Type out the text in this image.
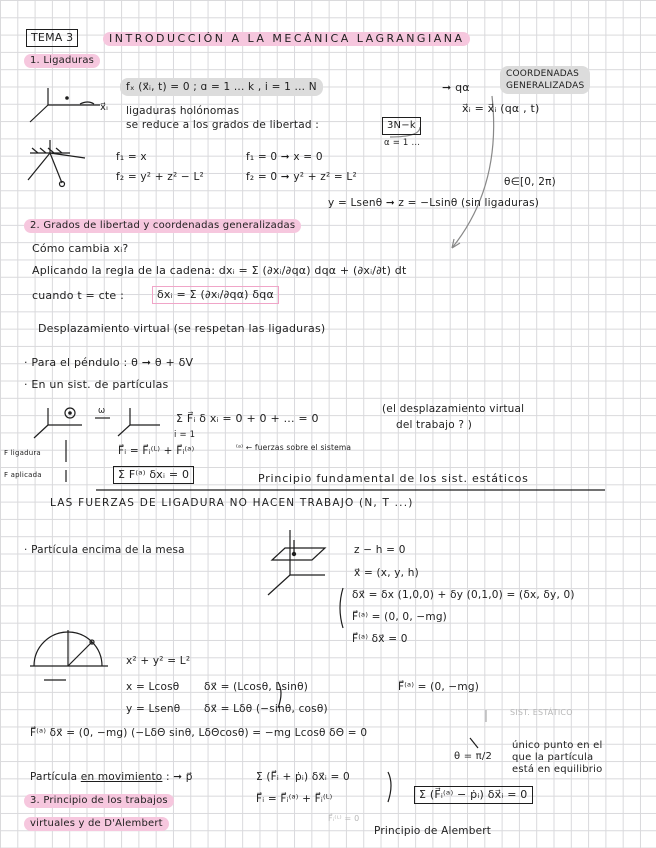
TEMA 3	INTRODUCCIÓN A LA MECÁNICA LAGRANGIANA
1. Ligaduras
fₓ (x⃗ᵢ, t) = 0 ; ɑ = 1 ... k , i = 1 ... N	➞ qα
COORDENADAS
GENERALIZADAS
x⃗ᵢ = x⃗ᵢ (qα , t)
x⃗ᵢ ligaduras holónomas
se reduce a los grados de libertad :	3N−k
α = 1 ...
f₁ = x
f₂ = y² + z² − L²
f₁ = 0 ➞ x = 0
f₂ = 0 ➞ y² + z² = L²	θ∈[0, 2π)
y = Lsenθ ➞ z = −Lsinθ (sin ligaduras)
2. Grados de libertad y coordenadas generalizadas
Cómo cambia xᵢ?
Aplicando la regla de la cadena: dxᵢ = Σ (∂xᵢ/∂qα) dqα + (∂xᵢ/∂t) dt
cuando t = cte :	δxᵢ = Σ (∂xᵢ/∂qα) δqα
Desplazamiento virtual (se respetan las ligaduras)
· Para el péndulo : θ ➞ θ + δV
· En un sist. de partículas
ω
Σ F⃗ᵢ δ xᵢ = 0 + 0 + ... = 0
i = 1
(el desplazamiento virtual
del trabajo ? )
F ligadura
F aplicada
F⃗ᵢ = F⃗ᵢ⁽ᴸ⁾ + F⃗ᵢ⁽ᵃ⁾	⁽ᵃ⁾ ← fuerzas sobre el sistema
Σ F⁽ᵃ⁾ δxᵢ = 0	Principio fundamental de los sist. estáticos
LAS FUERZAS DE LIGADURA NO HACEN TRABAJO (N, T ...)
· Partícula encima de la mesa	z − h = 0
x⃗ = (x, y, h)
δx⃗ = δx (1,0,0) + δy (0,1,0) = (δx, δy, 0)
F⃗⁽ᵃ⁾ = (0, 0, −mg)
F⃗⁽ᵃ⁾ δx⃗ = 0
x² + y² = L²
x = Lcosθ
y = Lsenθ
δx⃗ = (Lcosθ, Lsinθ)
δx⃗ = Lδθ (−sinθ, cosθ)
F⃗⁽ᵃ⁾ = (0, −mg)
SIST. ESTÁTICO
F⃗⁽ᵃ⁾ δx⃗ = (0, −mg) (−LδΘ sinθ, LδΘcosθ) = −mg Lcosθ δΘ = 0
θ = π/2
único punto en el
que la partícula
está en equilibrio
Partícula en movimiento : ➞ p⃗	Σ (F⃗ᵢ + ṗᵢ) δx⃗ᵢ = 0
F⃗ᵢ = F⃗ᵢ⁽ᵃ⁾ + F⃗ᵢ⁽ᴸ⁾
F⃗ᵢ⁽ᴸ⁾ = 0
Σ (F⃗ᵢ⁽ᵃ⁾ − ṗᵢ) δx⃗ᵢ = 0
Principio de Alembert
3. Principio de los trabajos
virtuales y de D'Alembert
